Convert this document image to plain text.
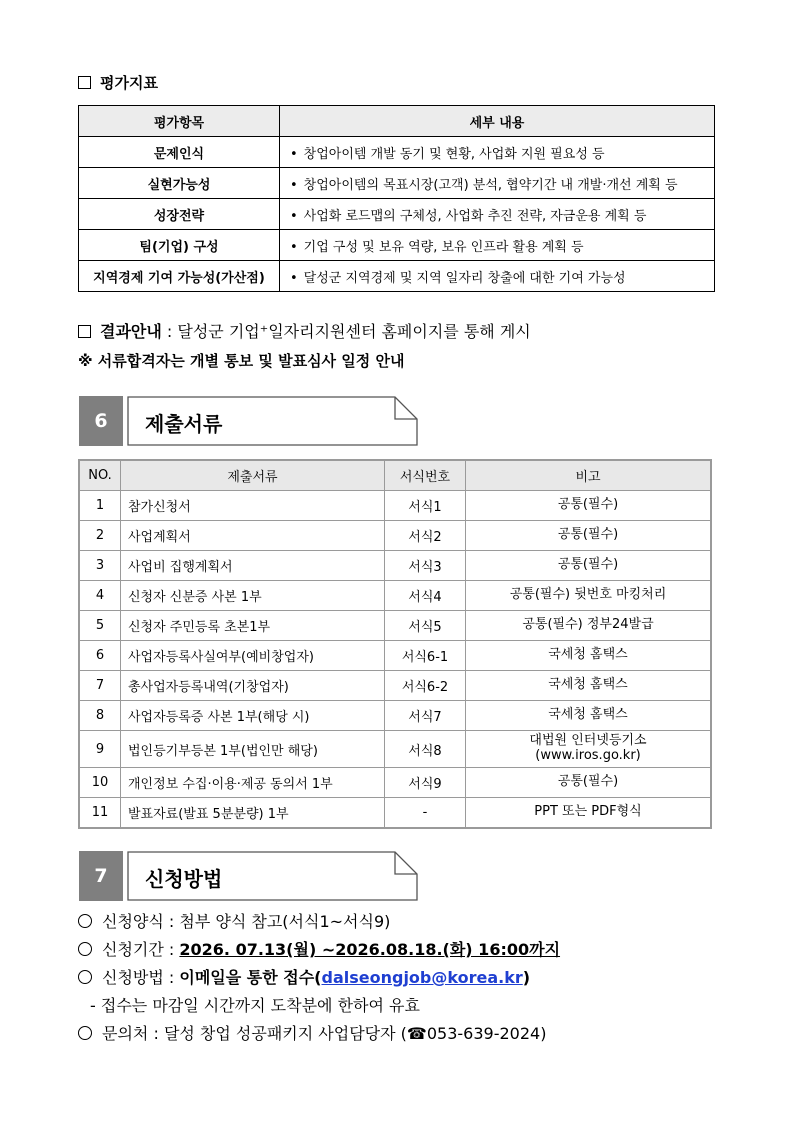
평가지표
평가항목	세부 내용
문제인식	• 창업아이템 개발 동기 및 현황, 사업화 지원 필요성 등
실현가능성	• 창업아이템의 목표시장(고객) 분석, 협약기간 내 개발·개선 계획 등
성장전략	• 사업화 로드맵의 구체성, 사업화 추진 전략, 자금운용 계획 등
팀(기업) 구성	• 기업 구성 및 보유 역량, 보유 인프라 활용 계획 등
지역경제 기여 가능성(가산점)	• 달성군 지역경제 및 지역 일자리 창출에 대한 기여 가능성
결과안내 : 달성군 기업⁺일자리지원센터 홈페이지를 통해 게시
※ 서류합격자는 개별 통보 및 발표심사 일정 안내
6	제출서류
NO.	제출서류	서식번호	비고
1	참가신청서	서식1	공통(필수)
2	사업계획서	서식2	공통(필수)
3	사업비 집행계획서	서식3	공통(필수)
4	신청자 신분증 사본 1부	서식4	공통(필수) 뒷번호 마킹처리
5	신청자 주민등록 초본1부	서식5	공통(필수) 정부24발급
6	사업자등록사실여부(예비창업자)	서식6-1	국세청 홈택스
7	총사업자등록내역(기창업자)	서식6-2	국세청 홈택스
8	사업자등록증 사본 1부(해당 시)	서식7	국세청 홈택스
9	법인등기부등본 1부(법인만 해당)	서식8	대법원 인터넷등기소
(www.iros.go.kr)
10	개인정보 수집·이용·제공 동의서 1부	서식9	공통(필수)
11	발표자료(발표 5분분량) 1부	-	PPT 또는 PDF형식
7	신청방법
신청양식 : 첨부 양식 참고(서식1~서식9)
신청기간 : 2026. 07.13(월) ~2026.08.18.(화) 16:00까지
신청방법 : 이메일을 통한 접수(dalseongjob@korea.kr)
- 접수는 마감일 시간까지 도착분에 한하여 유효
문의처 : 달성 창업 성공패키지 사업담당자 (☎053-639-2024)
